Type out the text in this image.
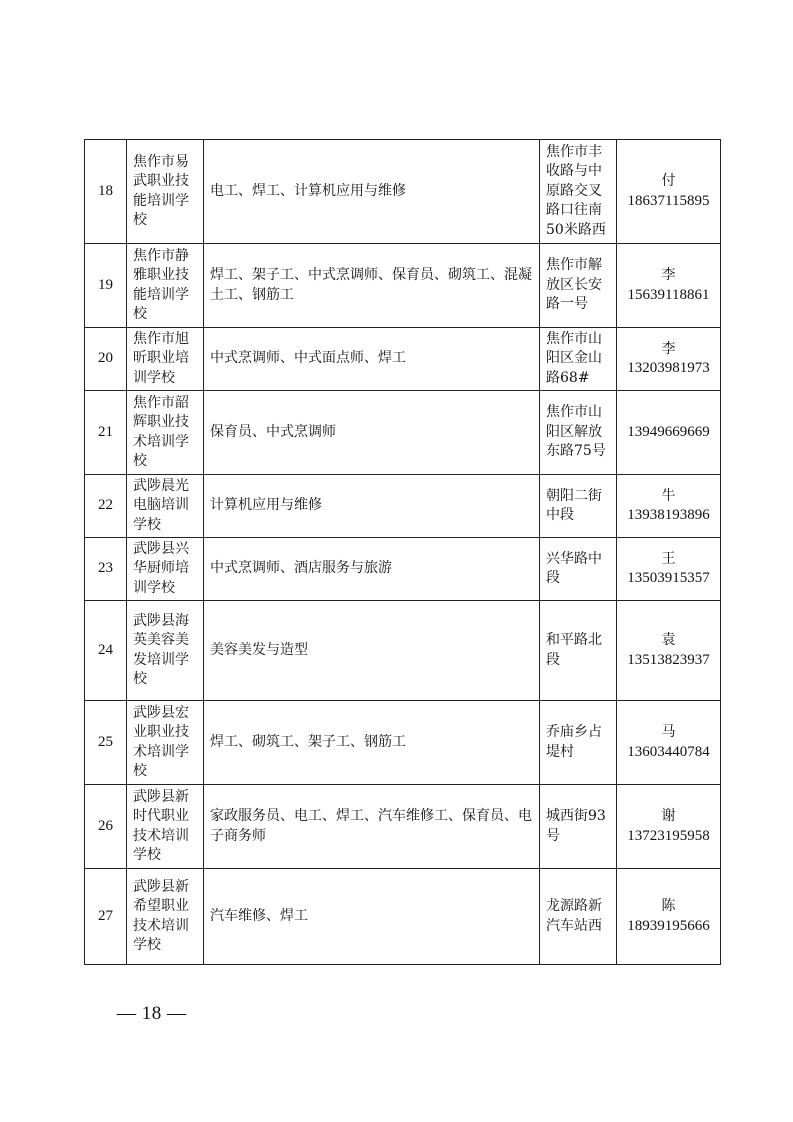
18	焦作市易武职业技能培训学校	电工、焊工、计算机应用与维修	焦作市丰收路与中原路交叉路口往南50米路西	付
18637115895

19	焦作市静雅职业技能培训学校	焊工、架子工、中式烹调师、保育员、砌筑工、混凝土工、钢筋工	焦作市解放区长安路一号	李
15639118861

20	焦作市旭昕职业培训学校	中式烹调师、中式面点师、焊工	焦作市山阳区金山路68#	李
13203981973

21	焦作市韶辉职业技术培训学校	保育员、中式烹调师	焦作市山阳区解放东路75号	13949669669

22	武陟晨光电脑培训学校	计算机应用与维修	朝阳二街中段	牛
13938193896

23	武陟县兴华厨师培训学校	中式烹调师、酒店服务与旅游	兴华路中段	王
13503915357

24	武陟县海英美容美发培训学校	美容美发与造型	和平路北段	袁
13513823937

25	武陟县宏业职业技术培训学校	焊工、砌筑工、架子工、钢筋工	乔庙乡占堤村	马
13603440784

26	武陟县新时代职业技术培训学校	家政服务员、电工、焊工、汽车维修工、保育员、电子商务师	城西街93号	谢
13723195958

27	武陟县新希望职业技术培训学校	汽车维修、焊工	龙源路新汽车站西	陈
18939195666
— 18 —
